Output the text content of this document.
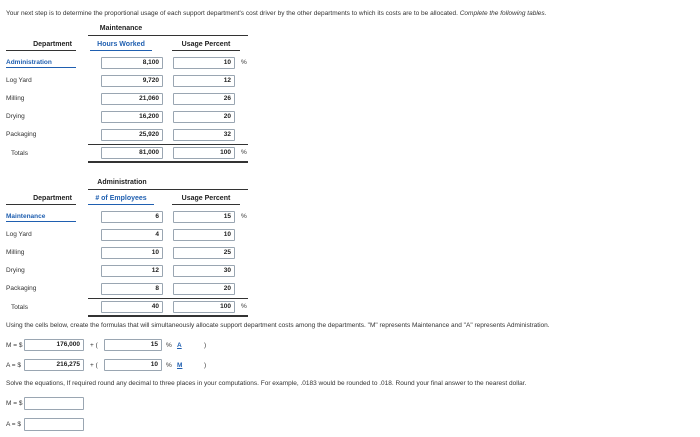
Your next step is to determine the proportional usage of each support department's cost driver by the other departments to which its costs are to be allocated. Complete the following tables.
Maintenance
Department	Hours Worked	Usage Percent
Administration	8,100	10	%
Log Yard	9,720	12
Milling	21,060	26
Drying	16,200	20
Packaging	25,920	32
Totals	81,000	100	%
Administration
Department	# of Employees	Usage Percent
Maintenance	6	15	%
Log Yard	4	10
Milling	10	25
Drying	12	30
Packaging	8	20
Totals	40	100	%
Using the cells below, create the formulas that will simultaneously allocate support department costs among the departments. "M" represents Maintenance and "A" represents Administration.
M = $	176,000	+ (	15	% A	)
A = $	216,275	+ (	10	% M	)
Solve the equations, If required round any decimal to three places in your computations. For example, .0183 would be rounded to .018. Round your final answer to the nearest dollar.
M = $
A = $
